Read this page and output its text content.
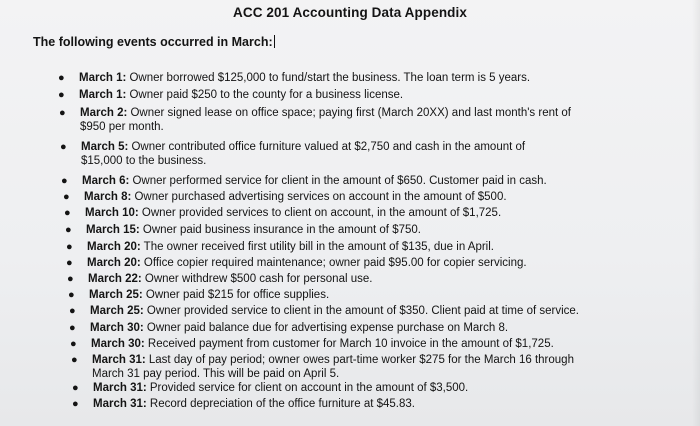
ACC 201 Accounting Data Appendix
The following events occurred in March:
● March 1: Owner borrowed $125,000 to fund/start the business. The loan term is 5 years.
● March 1: Owner paid $250 to the county for a business license.
● March 2: Owner signed lease on office space; paying first (March 20XX) and last month's rent of $950 per month.
● March 5: Owner contributed office furniture valued at $2,750 and cash in the amount of $15,000 to the business.
● March 6: Owner performed service for client in the amount of $650. Customer paid in cash.
● March 8: Owner purchased advertising services on account in the amount of $500.
● March 10: Owner provided services to client on account, in the amount of $1,725.
● March 15: Owner paid business insurance in the amount of $750.
● March 20: The owner received first utility bill in the amount of $135, due in April.
● March 20: Office copier required maintenance; owner paid $95.00 for copier servicing.
● March 22: Owner withdrew $500 cash for personal use.
● March 25: Owner paid $215 for office supplies.
● March 25: Owner provided service to client in the amount of $350. Client paid at time of service.
● March 30: Owner paid balance due for advertising expense purchase on March 8.
● March 30: Received payment from customer for March 10 invoice in the amount of $1,725.
● March 31: Last day of pay period; owner owes part-time worker $275 for the March 16 through March 31 pay period. This will be paid on April 5.
● March 31: Provided service for client on account in the amount of $3,500.
● March 31: Record depreciation of the office furniture at $45.83.
